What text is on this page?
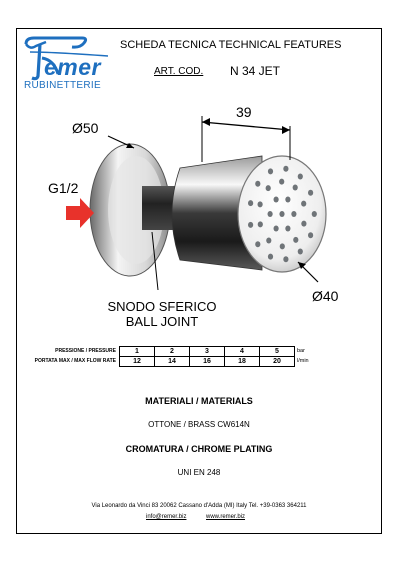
emer
RUBINETTERIE
SCHEDA TECNICA TECHNICAL FEATURES
ART. COD. N 34 JET
39
Ø50
G1/2
Ø40
SNODO SFERICO
BALL JOINT
PRESSIONE / PRESSURE	1	2	3	4	5	bar
PORTATA MAX / MAX FLOW RATE	12	14	16	18	20	l/min
MATERIALI / MATERIALS
OTTONE / BRASS CW614N
CROMATURA / CHROME PLATING
UNI EN 248
Via Leonardo da Vinci 83 20062 Cassano d'Adda (MI) Italy Tel. +39-0363 364211
info@remer.biz	www.remer.biz
